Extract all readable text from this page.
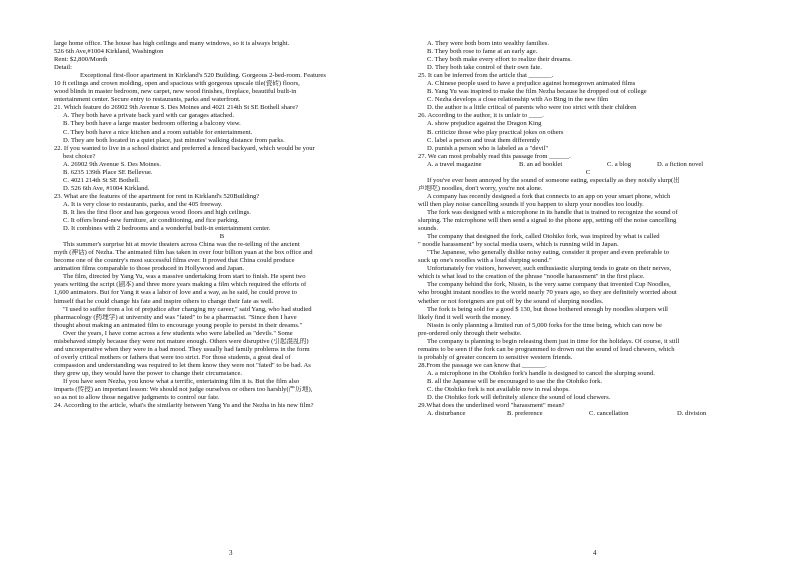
large home office. The house has high ceilings and many windows, so it is always bright.
526 6th Ave,#1004 Kirkland, Washington
Rent: $2,800/Month
Detail:
Exceptional first-floor apartment in Kirkland's 520 Building. Gorgeous 2-bed-room. Features
10 ft ceilings and crown molding, open and spacious with gorgeous upscale tile(瓷砖) floors,
wood blinds in master bedroom, new carpet, new wood finishes, fireplace, beautiful built-in
entertainment center. Secure entry to restaurants, parks and waterfront.
21. Which feature do 26902 9th Avenue S. Des Moines and 4021 214th St SE Bothell share?
A. They both have a private back yard with car garages attached.
B. They both have a large master bedroom offering a balcony view.
C. They both have a nice kitchen and a room suitable for entertainment.
D. They are both located in a quiet place, just minutes' walking distance from parks.
22. If you wanted to live in a school district and preferred a fenced backyard, which would be your
best choice?
A. 26902 9th Avenue S. Des Moines.
B. 6235 139th Place SE Bellevue.
C. 4021 214th St SE Bothell.
D. 526 6th Ave, #1004 Kirkland.
23. What are the features of the apartment for rent in Kirkland's 520Building?
A. It is very close to restaurants, parks, and the 405 freeway.
B. It lies the first floor and has gorgeous wood floors and high ceilings.
C. It offers brand-new furniture, air conditioning, and fice parking.
D. It combines with 2 bedrooms and a wonderful built-in entertainment center.
B
This summer's surprise hit at movie theaters across China was the re-telling of the ancient
myth (神话) of Nezha. The animated film has taken in over four billion yuan at the box office and
become one of the country's most successful films ever. It proved that China could produce
animation films comparable to those produced in Hollywood and Japan.
The film, directed by Yang Yu, was a massive undertaking from start to finish. He spent two
years writing the script (剧本) and three more years making a film which required the efforts of
1,600 animators. But for Yang it was a labor of love and a way, as he said, he could prove to
himself that he could change his fate and inspire others to change their fate as well.
"I used to suffer from a lot of prejudice after changing my career," said Yang, who had studied
pharmacology (药理学) at university and was "fated" to be a pharmacist. "Since then I have
thought about making an animated film to encourage young people to persist in their dreams."
Over the years, I have come across a few students who were labelled as "devils." Some
misbehaved simply because they were not mature enough. Others were disruptive (引起混乱的)
and uncooperative when they were in a bad mood. They usually had family problems in the form
of overly critical mothers or fathers that were too strict. For those students, a great deal of
compassion and understanding was required to let them know they were not "fated" to be bad. As
they grew up, they would have the power to change their circumstance.
If you have seen Nezha, you know what a terrific, entertaining film it is. But the film also
imparts (传授) an important lesson: We should not judge ourselves or others too harshly(严厉地),
so as not to allow those negative judgments to control our fate.
24. According to the article, what's the similarity between Yang Yu and the Nezha in his new film?
A. They were both born into wealthy families.
B. They both rose to fame at an early age.
C. They both make every effort to realize their dreams.
D. They both take control of their own fate.
25. It can be inferred from the article that _______.
A. Chinese people used to have a prejudice against homegrown animated films
B. Yang Yu was inspired to make the film Nezha because he dropped out of college
C. Nezha develops a close relationship with Ao Bing in the new film
D. the author is a little critical of parents who were too strict with their children
26. According to the author, it is unfair to ____.
A. show prejudice against the Dragon King
B. criticize those who play practical jokes on others
C. label a person and treat them differently
D. punish a person who is labeled as a "devil"
27. We can most probably read this passage from ______.
A. a travel magazine	B. an ad booklet	C. a blog	D. a fiction novel
C
If you've ever been annoyed by the sound of someone eating, especially as they noisily slurp(出
声地吃) noodles, don't worry, you're not alone.
A company has recently designed a fork that connects to an app on your smart phone, which
will then play noise cancelling sounds if you happen to slurp your noodles too loudly.
The fork was designed with a microphone in its handle that is trained to recognize the sound of
slurping. The microphone will then send a signal to the phone app, setting off the noise cancelling
sounds.
The company that designed the fork, called Otohiko fork, was inspired by what is called
" noodle harassment" by social media users, which is running wild in Japan.
"The Japanese, who generally dislike noisy eating, consider it proper and even preferable to
suck up one's noodles with a loud slurping sound."
Unfortunately for visitors, however, such enthusiastic slurping tends to grate on their nerves,
which is what lead to the creation of the phrase "noodle harassment" in the first place.
The company behind the fork, Nissin, is the very same company that invented Cup Noodles,
who brought instant noodles to the world nearly 70 years ago, so they are definitely worried about
whether or not foreigners are put off by the sound of slurping noodles.
The fork is being sold for a good $ 130, but those bothered enough by noodles slurpers will
likely find it well worth the money.
Nissin is only planning a limited run of 5,000 forks for the time being, which can now be
pre-ordered only through their website.
The company is planning to begin releasing them just in time for the holidays. Of course, it still
remains to be seen if the fork can be programmed to drown out the sound of loud chewers, which
is probably of greater concern to sensitive western friends.
28.From the passage we can know that _______.
A. a microphone in the Otohiko fork's handle is designed to cancel the slurping sound.
B. all the Japanese will be encouraged to use the the Otohiko fork.
C. the Otohiko fork is not available now in real shops.
D. the Otohiko fork will definitely silence the sound of loud chewers.
29.What does the underlined word "harassment" mean?
A. disturbance	B. preference	C. cancellation	D. division
3	4
